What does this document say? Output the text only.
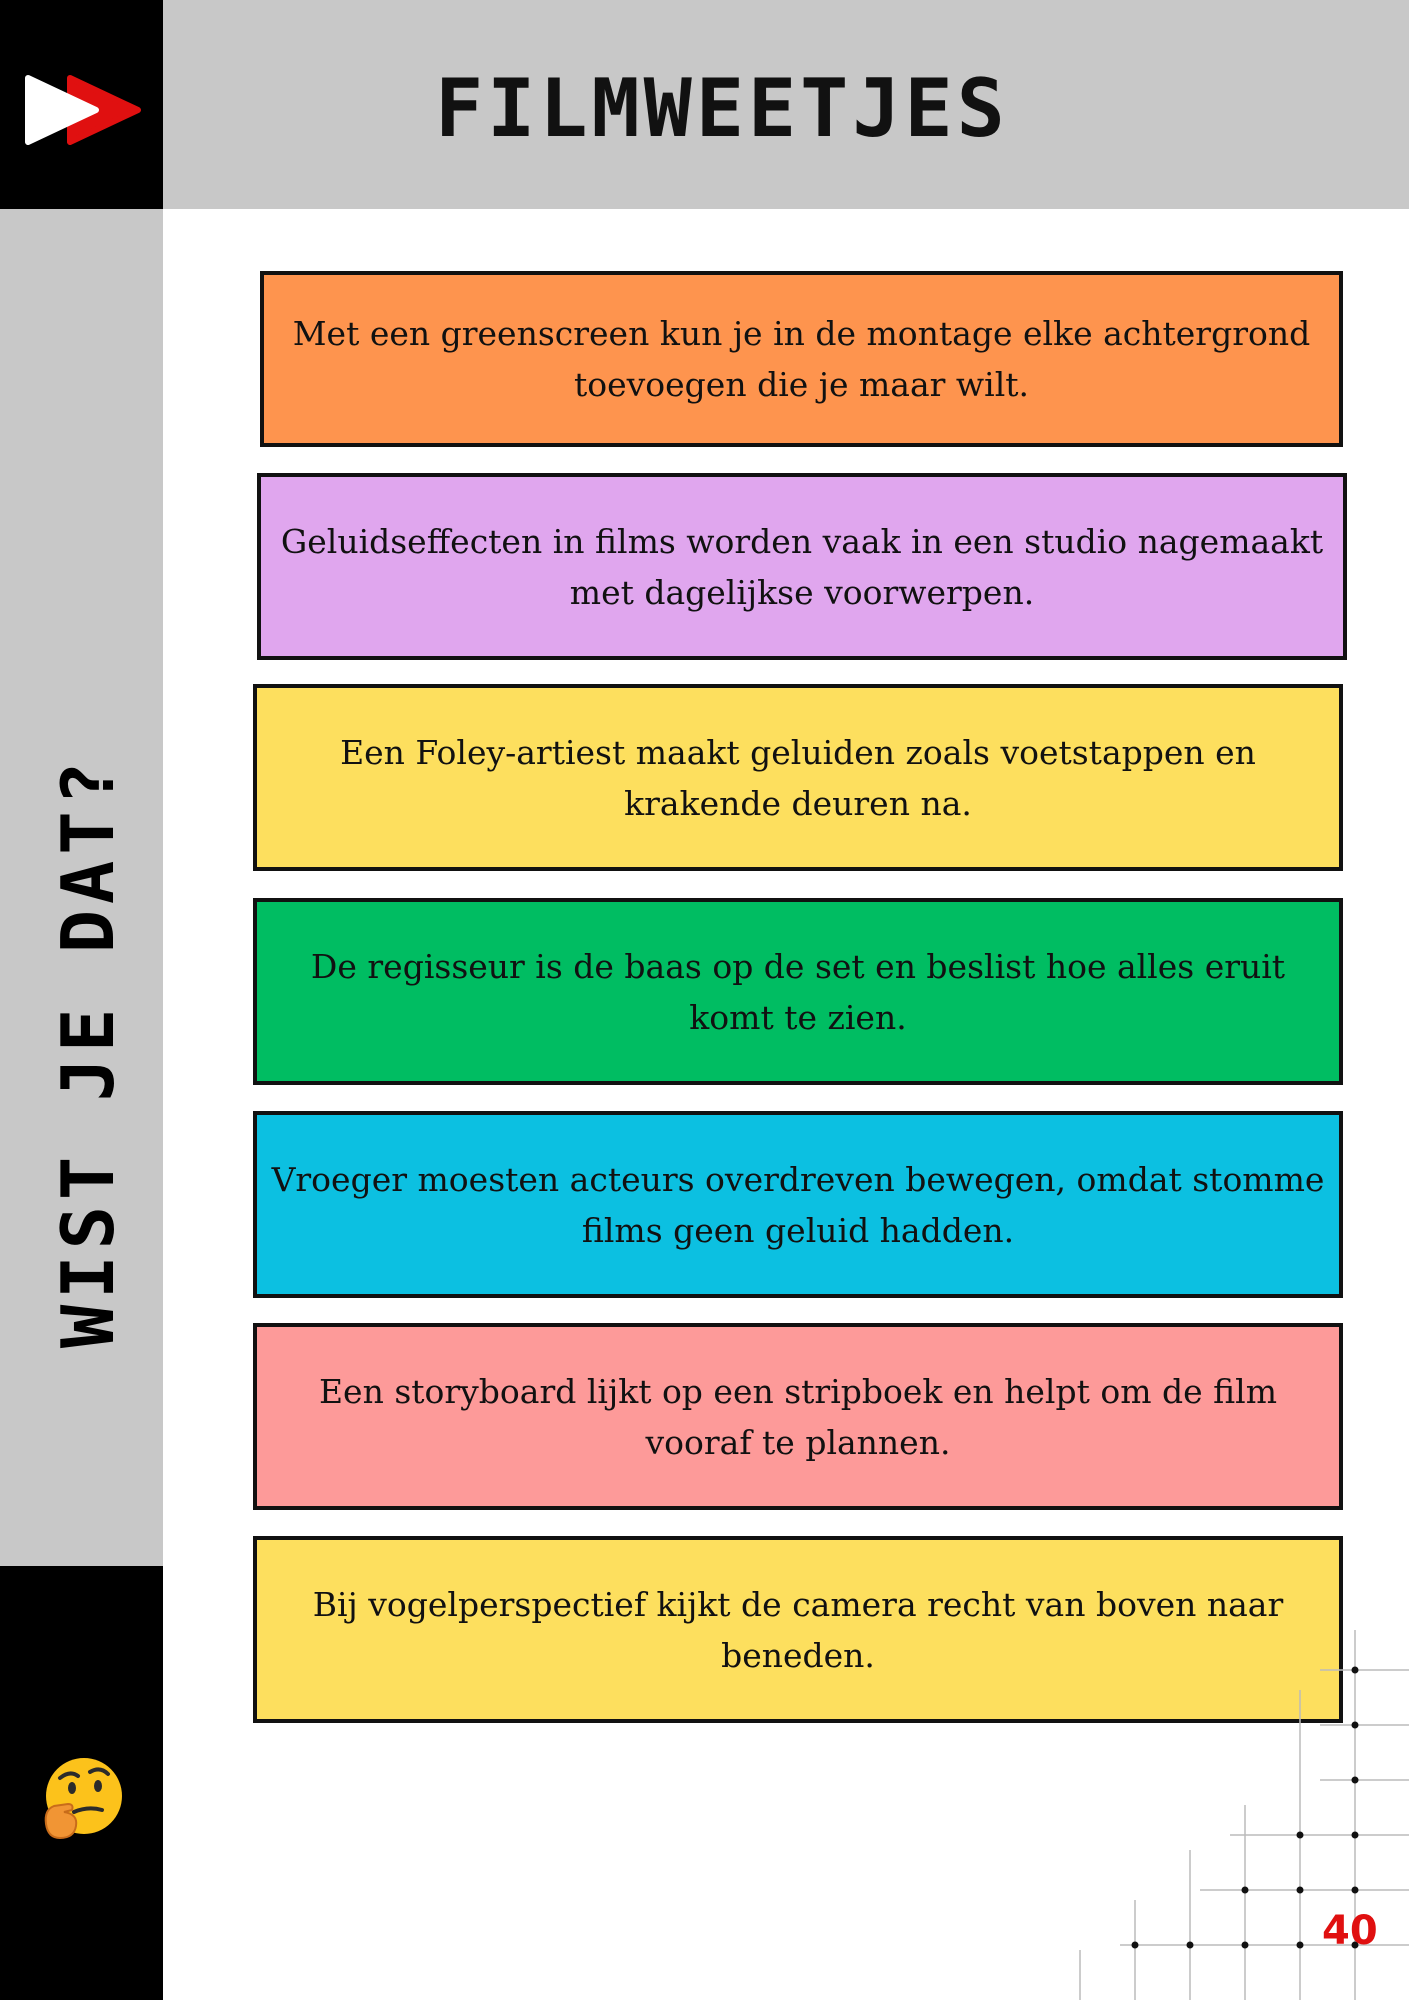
FILMWEETJES
WIST JE DAT?
Met een greenscreen kun je in de montage elke achtergrond toevoegen die je maar wilt.
Geluidseffecten in films worden vaak in een studio nagemaakt met dagelijkse voorwerpen.
Een Foley-artiest maakt geluiden zoals voetstappen en krakende deuren na.
De regisseur is de baas op de set en beslist hoe alles eruit komt te zien.
Vroeger moesten acteurs overdreven bewegen, omdat stomme films geen geluid hadden.
Een storyboard lijkt op een stripboek en helpt om de film vooraf te plannen.
Bij vogelperspectief kijkt de camera recht van boven naar beneden.
40
